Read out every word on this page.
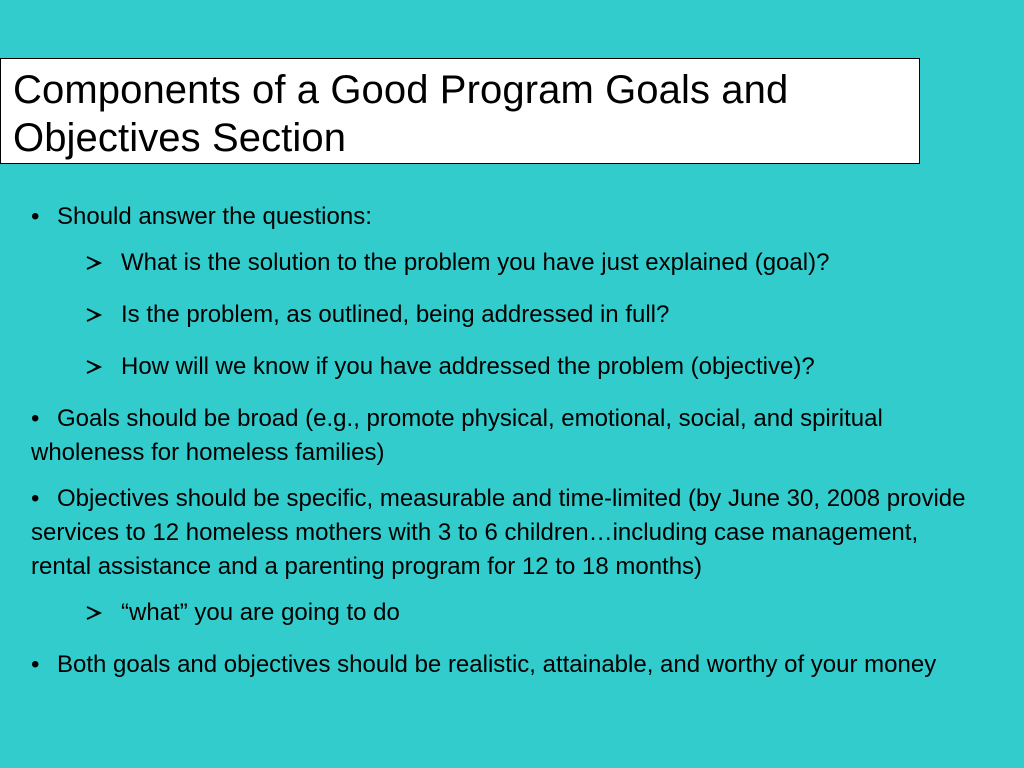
Components of a Good Program Goals and Objectives Section
• Should answer the questions:
What is the solution to the problem you have just explained (goal)?
Is the problem, as outlined, being addressed in full?
How will we know if you have addressed the problem (objective)?
• Goals should be broad (e.g., promote physical, emotional, social, and spiritual wholeness for homeless families)
• Objectives should be specific, measurable and time-limited (by June 30, 2008 provide services to 12 homeless mothers with 3 to 6 children…including case management, rental assistance and a parenting program for 12 to 18 months)
“what” you are going to do
• Both goals and objectives should be realistic, attainable, and worthy of your money
